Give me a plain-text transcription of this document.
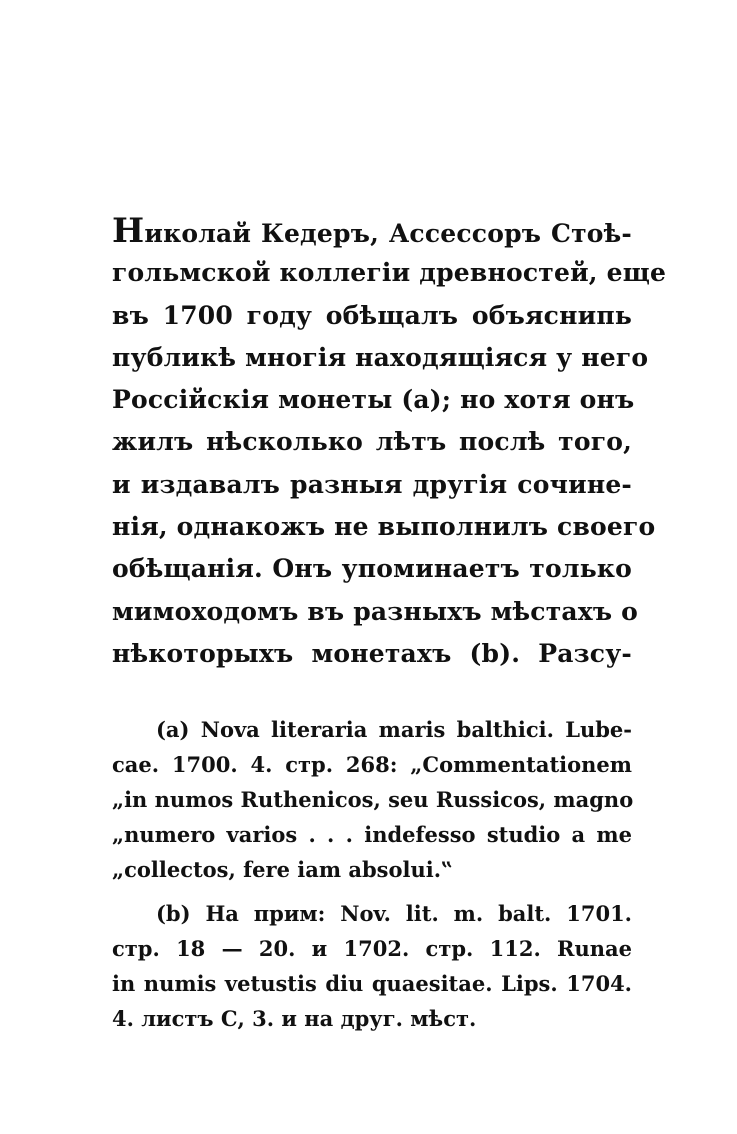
Николай Кедеръ, Ассессоръ Стоѣ-
гольмской коллегіи древностей, еще
въ 1700 году обѣщалъ объяснипь
публикѣ многія находящіяся у него
Россійскія монеты (а); но хотя онъ
жилъ нѣсколько лѣтъ послѣ того,
и издавалъ разныя другія сочине-
нія, однакожъ не выполнилъ своего
обѣщанія. Онъ упоминаетъ только
мимоходомъ въ разныхъ мѣстахъ о
нѣкоторыхъ монетахъ (b). Разсу-
(a) Nova literaria maris balthici. Lube-
cae. 1700. 4. стр. 268: „Commentationem
„in numos Ruthenicos, seu Russicos, magno
„numero varios . . . indefesso studio a me
„collectos, fere iam absolui.‟
(b) На прим: Nov. lit. m. balt. 1701.
стр. 18 — 20. и 1702. стр. 112. Runae
in numis vetustis diu quaesitae. Lips. 1704.
4. листъ С, 3. и на друг. мѣст.
